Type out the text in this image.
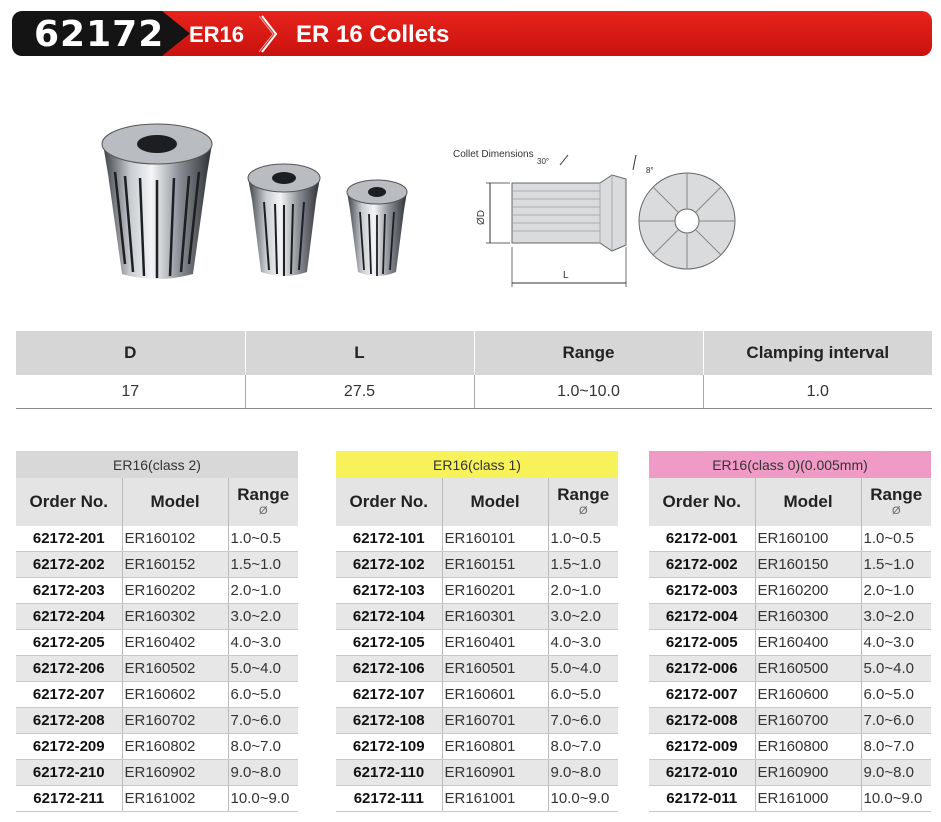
62172 ER16 ER 16 Collets
Collet Dimensions
30°
8°
ØD
L
D	L	Range	Clamping interval
17	27.5	1.0~10.0	1.0
ER16(class 2)		
Order No.	Model	Range
Ø

62172-201	ER160102	1.0~0.5
62172-202	ER160152	1.5~1.0
62172-203	ER160202	2.0~1.0
62172-204	ER160302	3.0~2.0
62172-205	ER160402	4.0~3.0
62172-206	ER160502	5.0~4.0
62172-207	ER160602	6.0~5.0
62172-208	ER160702	7.0~6.0
62172-209	ER160802	8.0~7.0
62172-210	ER160902	9.0~8.0
62172-211	ER161002	10.0~9.0
ER16(class 1)		
Order No.	Model	Range
Ø

62172-101	ER160101	1.0~0.5
62172-102	ER160151	1.5~1.0
62172-103	ER160201	2.0~1.0
62172-104	ER160301	3.0~2.0
62172-105	ER160401	4.0~3.0
62172-106	ER160501	5.0~4.0
62172-107	ER160601	6.0~5.0
62172-108	ER160701	7.0~6.0
62172-109	ER160801	8.0~7.0
62172-110	ER160901	9.0~8.0
62172-111	ER161001	10.0~9.0
ER16(class 0)(0.005mm)		
Order No.	Model	Range
Ø

62172-001	ER160100	1.0~0.5
62172-002	ER160150	1.5~1.0
62172-003	ER160200	2.0~1.0
62172-004	ER160300	3.0~2.0
62172-005	ER160400	4.0~3.0
62172-006	ER160500	5.0~4.0
62172-007	ER160600	6.0~5.0
62172-008	ER160700	7.0~6.0
62172-009	ER160800	8.0~7.0
62172-010	ER160900	9.0~8.0
62172-011	ER161000	10.0~9.0
